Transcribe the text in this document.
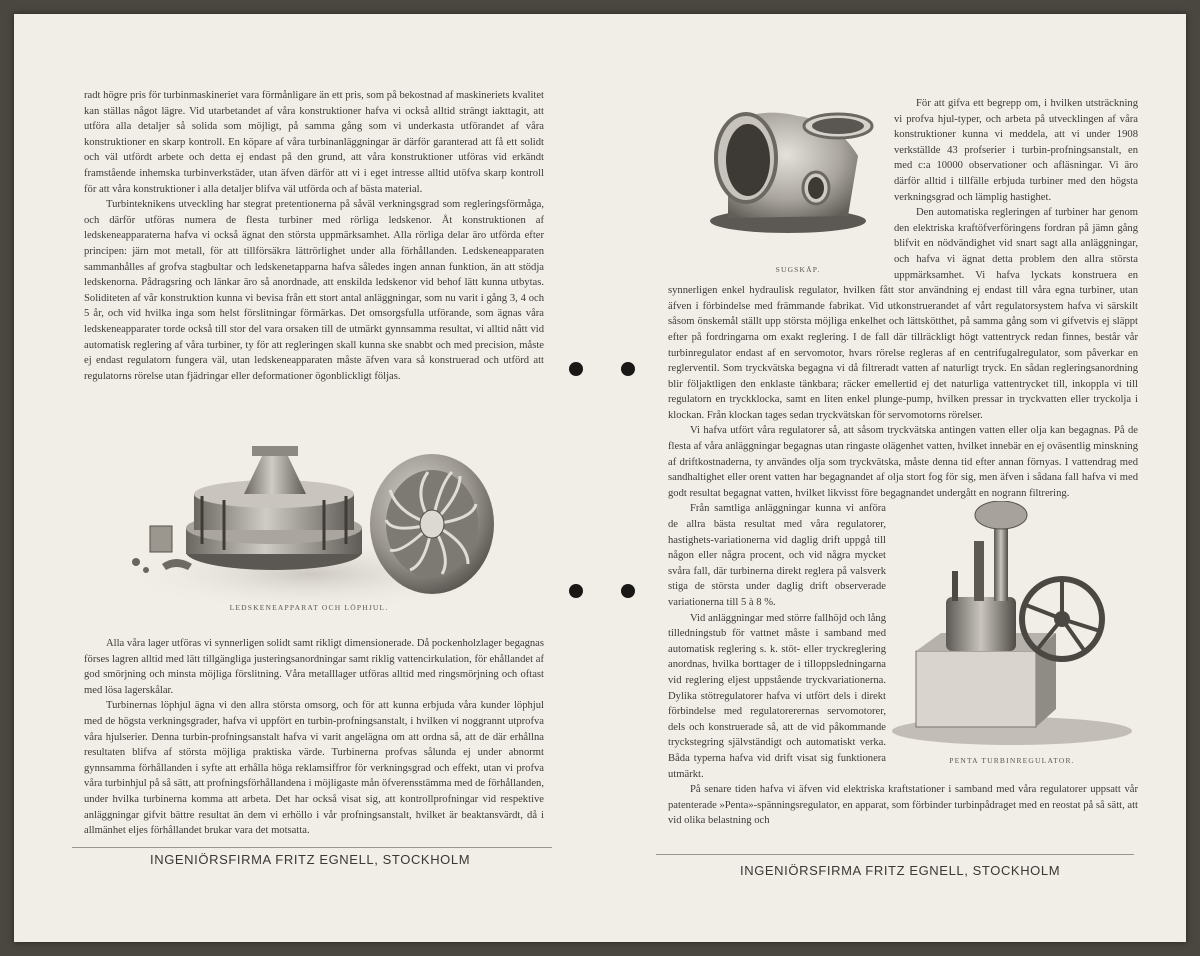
radt högre pris för turbinmaskineriet vara förmånligare än ett pris, som på bekostnad af maskineriets kvalitet kan ställas något lägre. Vid utarbetandet af våra konstruktioner hafva vi också alltid strängt iakttagit, att utföra alla detaljer så solida som möjligt, på samma gång som vi underkasta utförandet af våra konstruktioner en skarp kontroll. En köpare af våra turbinanläggningar är därför garanterad att få ett solidt och väl utfördt arbete och detta ej endast på den grund, att våra konstruktioner utföras vid erkändt framstående inhemska turbinverkstäder, utan äfven därför att vi i eget intresse alltid utöfva skarp kontroll för att våra konstruktioner i alla detaljer blifva väl utförda och af bästa material.

Turbinteknikens utveckling har stegrat pretentionerna på såväl verkningsgrad som regleringsförmåga, och därför utföras numera de flesta turbiner med rörliga ledskenor. Åt konstruktionen af ledskeneapparaterna hafva vi också ägnat den största uppmärksamhet. Alla rörliga delar äro utförda efter principen: järn mot metall, för att tillförsäkra lättrörlighet under alla förhållanden. Ledskeneapparaten sammanhålles af grofva stagbultar och ledskenetapparna hafva således ingen annan funktion, än att stödja ledskenorna. Pådragsring och länkar äro så anordnade, att enskilda ledskenor vid behof lätt kunna utbytas. Soliditeten af vår konstruktion kunna vi bevisa från ett stort antal anläggningar, som nu varit i gång 3, 4 och 5 år, och vid hvilka inga som helst förslitningar förmärkas. Det omsorgsfulla utförande, som ägnas våra ledskeneapparater torde också till stor del vara orsaken till de utmärkt gynnsamma resultat, vi alltid nått vid automatisk reglering af våra turbiner, ty för att regleringen skall kunna ske snabbt och med precision, måste ej endast regulatorn fungera väl, utan ledskeneapparaten måste äfven vara så konstruerad och utförd att regulatorns rörelse utan fjädringar eller deformationer ögonblickligt följas.

LEDSKENEAPPARAT OCH LÖPHJUL.

Alla våra lager utföras vi synnerligen solidt samt rikligt dimensionerade. Då pockenholzlager begagnas förses lagren alltid med lätt tillgängliga justeringsanordningar samt riklig vattencirkulation, för ehållandet af god smörjning och minsta möjliga förslitning. Våra metalllager utföras alltid med ringsmörjning och oftast med lösa lagerskålar.

Turbinernas löphjul ägna vi den allra största omsorg, och för att kunna erbjuda våra kunder löphjul med de högsta verkningsgrader, hafva vi uppfört en turbin-profningsanstalt, i hvilken vi noggrannt utprofva våra hjulserier. Denna turbin-profningsanstalt hafva vi varit angelägna om att ordna så, att de där erhållna resultaten blifva af största möjliga praktiska värde. Turbinerna profvas sålunda ej under abnormt gynnsamma förhållanden i syfte att erhålla höga reklamsiffror för verkningsgrad och effekt, utan vi profva våra turbinhjul på så sätt, att profningsförhållandena i möjligaste mån öfverensstämma med de förhållanden, under hvilka turbinerna komma att arbeta. Det har också visat sig, att kontrollprofningar vid respektive anläggningar gifvit bättre resultat än dem vi erhöllo i vår profningsanstalt, hvilket är beaktansvärdt, då i allmänhet eljes förhållandet brukar vara det motsatta.

INGENIÖRSFIRMA FRITZ EGNELL, STOCKHOLM
SUGSKÅP.

För att gifva ett begrepp om, i hvilken utsträckning vi profva hjul-typer, och arbeta på utvecklingen af våra konstruktioner kunna vi meddela, att vi under 1908 verkställde 43 profserier i turbin-profningsanstalt, en med c:a 10000 observationer och afläsningar. Vi äro därför alltid i tillfälle erbjuda turbiner med den högsta verkningsgrad och lämplig hastighet.

Den automatiska regleringen af turbiner har genom den elektriska kraftöfverföringens fordran på jämn gång blifvit en nödvändighet vid snart sagt alla anläggningar, och hafva vi ägnat detta problem den allra största uppmärksamhet. Vi hafva lyckats konstruera en synnerligen enkel hydraulisk regulator, hvilken fått stor användning ej endast till våra egna turbiner, utan äfven i förbindelse med främmande fabrikat. Vid utkonstruerandet af vårt regulatorsystem hafva vi särskilt såsom önskemål ställt upp största möjliga enkelhet och lättskötthet, på samma gång som vi gifvetvis ej släppt efter på fordringarna om exakt reglering. I de fall där tillräckligt högt vattentryck redan finnes, består vår turbinregulator endast af en servomotor, hvars rörelse regleras af en centrifugalregulator, som påverkar en reglerventil. Som tryckvätska begagna vi då filtreradt vatten af naturligt tryck. En sådan regleringsanordning blir följaktligen den enklaste tänkbara; räcker emellertid ej det naturliga vattentrycket till, inkoppla vi till regulatorn en tryckklocka, samt en liten enkel plunge-pump, hvilken pressar in tryckvatten eller tryckolja i klockan. Från klockan tages sedan tryckvätskan för servomotorns rörelser.

Vi hafva utfört våra regulatorer så, att såsom tryckvätska antingen vatten eller olja kan begagnas. På de flesta af våra anläggningar begagnas utan ringaste olägenhet vatten, hvilket innebär en ej oväsentlig minskning af driftkostnaderna, ty användes olja som tryckvätska, måste denna tid efter annan förnyas. I vattendrag med sandhaltighet eller orent vatten har begagnandet af olja stort fog för sig, men äfven i sådana fall hafva vi med godt resultat begagnat vatten, hvilket likvisst före begagnandet undergått en nogrann filtrering.

PENTA TURBINREGULATOR.

Från samtliga anläggningar kunna vi anföra de allra bästa resultat med våra regulatorer, hastighets-variationerna vid daglig drift uppgå till någon eller några procent, och vid några mycket svåra fall, där turbinerna direkt reglera på valsverk stiga de största under daglig drift observerade variationerna till 5 à 8 %.

Vid anläggningar med större fallhöjd och lång tilledningstub för vattnet måste i samband med automatisk reglering s. k. stöt- eller tryckreglering anordnas, hvilka borttager de i tilloppsledningarna vid reglering eljest uppstående tryckvariationerna. Dylika stötregulatorer hafva vi utfört dels i direkt förbindelse med regulatorerernas servomotorer, dels och konstruerade så, att de vid påkommande tryckstegring självständigt och automatiskt verka. Båda typerna hafva vid drift visat sig funktionera utmärkt.

På senare tiden hafva vi äfven vid elektriska kraftstationer i samband med våra regulatorer uppsatt vår patenterade »Penta»-spänningsregulator, en apparat, som förbinder turbinpådraget med en reostat på så sätt, att vid olika belastning och

INGENIÖRSFIRMA FRITZ EGNELL, STOCKHOLM
